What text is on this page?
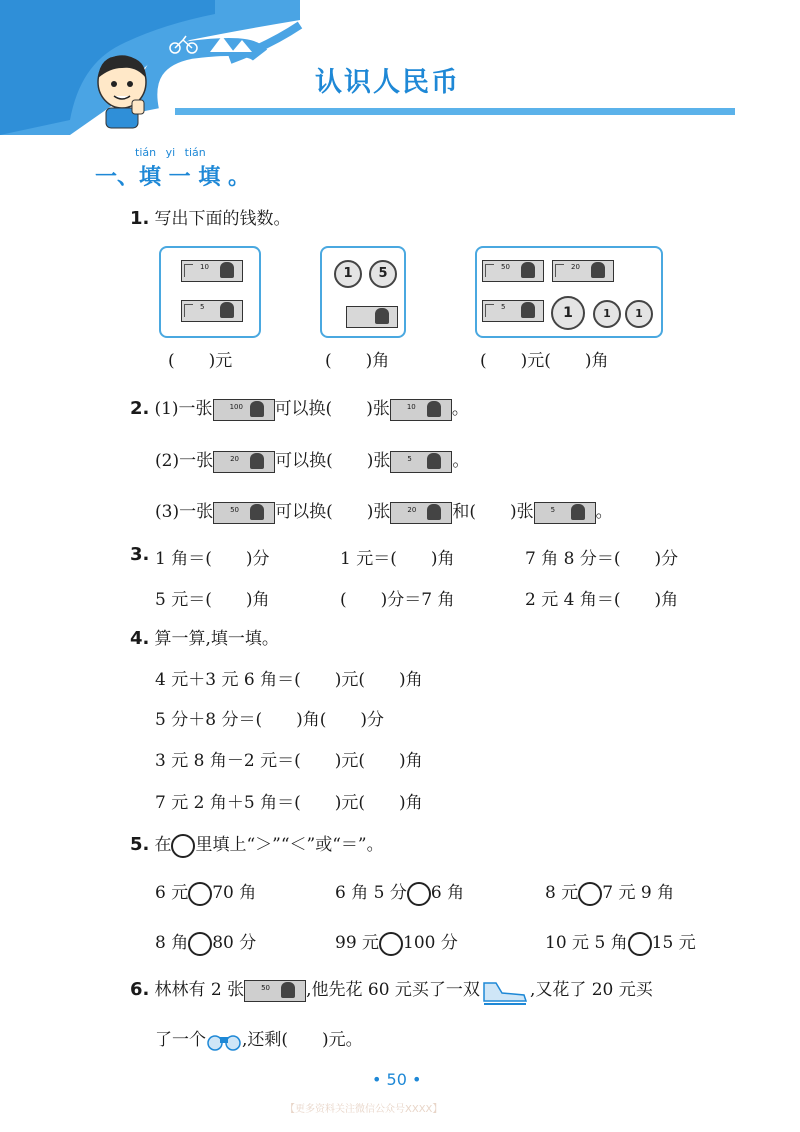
认识人民币
tián yi tián
一、填 一 填 。
1. 写出下面的钱数。
10
5
1	5	50	20
5	1	1	1
(　　)元	(　　)角	(　　)元(　　)角
2. (1)一张 100 可以换(　　)张 10 。
(2)一张 20 可以换(　　)张 5 。
(3)一张 50 可以换(　　)张 20 和(　　)张 5 。
3. 1 角＝(　　)分	1 元＝(　　)角	7 角 8 分＝(　　)分
5 元＝(　　)角	(　　)分＝7 角	2 元 4 角＝(　　)角
4. 算一算,填一填。
4 元＋3 元 6 角＝(　　)元(　　)角
5 分＋8 分＝(　　)角(　　)分
3 元 8 角－2 元＝(　　)元(　　)角
7 元 2 角＋5 角＝(　　)元(　　)角
5. 在 里填上“＞”“＜”或“＝”。
6 元 70 角	6 角 5 分 6 角	8 元 7 元 9 角
8 角 80 分	99 元 100 分	10 元 5 角 15 元
6. 林林有 2 张 50 ,他先花 60 元买了一双	,又花了 20 元买
了一个 ,还剩(　　)元。
• 50 •
【更多资料关注微信公众号XXXX】
